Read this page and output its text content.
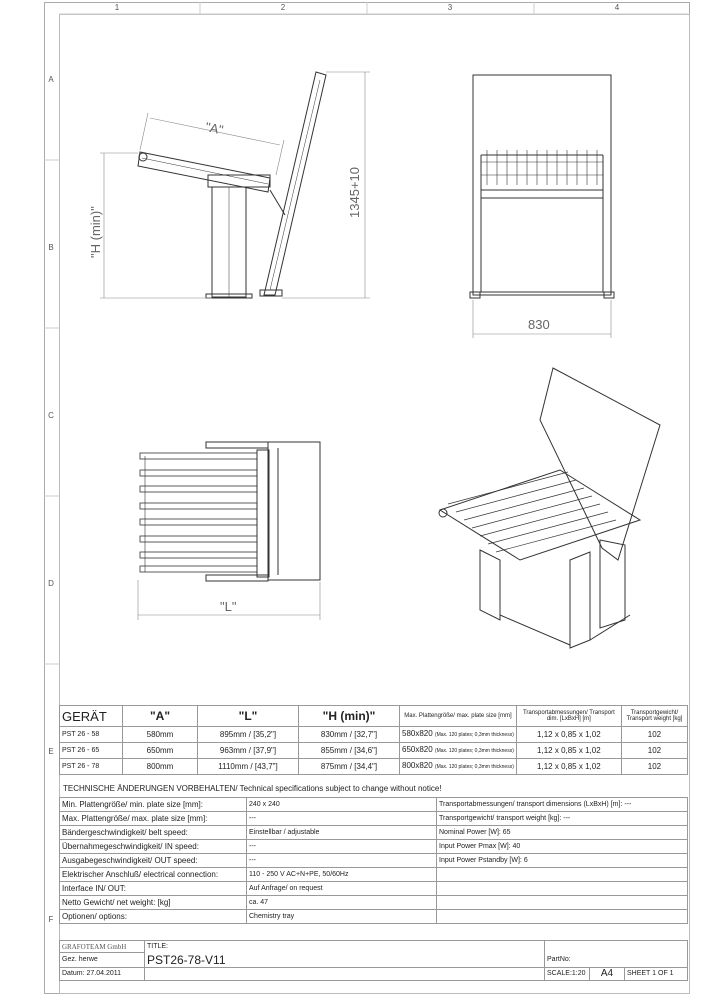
1	2	3	4
A
B
C
D
E
F
"A"
"H (min)"
1345+10
830
"L"
GERÄT	"A"	"L"	"H (min)"	Max. Plattengröße/ max. plate size [mm]	Transportabmessungen/ Transport dim. [LxBxH] [m]	Transportgewicht/ Transport weight [kg]
PST 26 - 58	580mm	895mm / [35,2"]	830mm / [32,7"]	580x820 (Max. 120 plates; 0,3mm thickness)	1,12 x 0,85 x 1,02	102
PST 26 - 65	650mm	963mm / [37,9"]	855mm / [34,6"]	650x820 (Max. 120 plates; 0,3mm thickness)	1,12 x 0,85 x 1,02	102
PST 26 - 78	800mm	1110mm / [43,7"]	875mm / [34,4"]	800x820 (Max. 120 plates; 0,3mm thickness)	1,12 x 0,85 x 1,02	102
TECHNISCHE ÄNDERUNGEN VORBEHALTEN/ Technical specifications subject to change without notice!
Min. Plattengröße/ min. plate size [mm]:	240 x 240	Transportabmessungen/ transport dimensions (LxBxH) [m]: ---
Max. Plattengröße/ max. plate size [mm]:	---	Transportgewicht/ transport weight [kg]: ---
Bändergeschwindigkeit/ belt speed:	Einstellbar / adjustable	Nominal Power [W]: 65
Übernahmegeschwindigkeit/ IN speed:	---	Input Power Pmax [W]: 40
Ausgabegeschwindigkeit/ OUT speed:	---	Input Power Pstandby [W]: 6
Elektrischer Anschluß/ electrical connection:	110 - 250 V AC+N+PE, 50/60Hz	
Interface IN/ OUT:	Auf Anfrage/ on request	
Netto Gewicht/ net weight: [kg]	ca. 47	
Optionen/ options:	Chemistry tray	
GRAFOTEAM GmbH	TITLE:			
Gez. herwe	PST26-78-V11	PartNo:		
Datum: 27.04.2011		SCALE:1:20	A4	SHEET 1 OF 1
